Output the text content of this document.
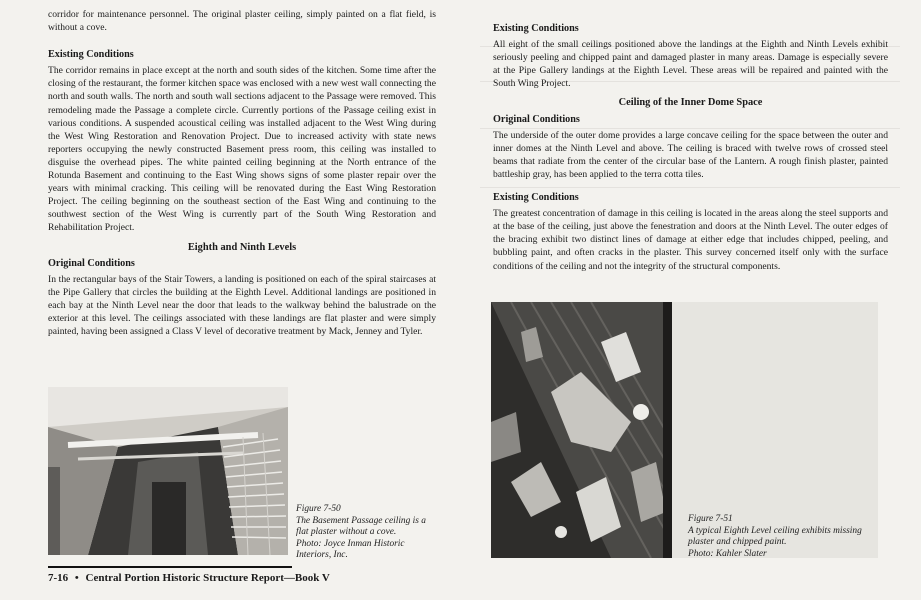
corridor for maintenance personnel. The original plaster ceiling, simply painted on a flat field, is without a cove.

Existing Conditions

The corridor remains in place except at the north and south sides of the kitchen. Some time after the closing of the restaurant, the former kitchen space was enclosed with a new west wall connecting the north and south walls. The north and south wall sections adjacent to the Passage were removed. This remodeling made the Passage a complete circle. Currently portions of the Passage ceiling exist in various conditions. A suspended acoustical ceiling was installed adjacent to the West Wing during the West Wing Restoration and Renovation Project. Due to increased activity with state news reporters occupying the newly constructed Basement press room, this ceiling was installed to disguise the overhead pipes. The white painted ceiling beginning at the North entrance of the Rotunda Basement and continuing to the East Wing shows signs of some plaster repair over the years with minimal cracking. This ceiling will be renovated during the East Wing Restoration Project. The ceiling beginning on the southeast section of the East Wing and continuing to the southwest section of the West Wing is currently part of the South Wing Restoration and Rehabilitation Project.

Eighth and Ninth Levels
Original Conditions

In the rectangular bays of the Stair Towers, a landing is positioned on each of the spiral staircases at the Pipe Gallery that circles the building at the Eighth Level. Additional landings are positioned in each bay at the Ninth Level near the door that leads to the walkway behind the balustrade on the exterior at this level. The ceilings associated with these landings are flat plaster and were simply painted, having been assigned a Class V level of decorative treatment by Mack, Jenney and Tyler.

Existing Conditions

All eight of the small ceilings positioned above the landings at the Eighth and Ninth Levels exhibit seriously peeling and chipped paint and damaged plaster in many areas. Damage is especially severe at the Pipe Gallery landings at the Eighth Level. These areas will be repaired and painted with the South Wing Project.

Ceiling of the Inner Dome Space
Original Conditions

The underside of the outer dome provides a large concave ceiling for the space between the outer and inner domes at the Ninth Level and above. The ceiling is braced with twelve rows of crossed steel beams that radiate from the center of the circular base of the Lantern. A rough finish plaster, painted battleship gray, has been applied to the terra cotta tiles.

Existing Conditions

The greatest concentration of damage in this ceiling is located in the areas along the steel supports and at the base of the ceiling, just above the fenestration and doors at the Ninth Level. The outer edges of the bracing exhibit two distinct lines of damage at either edge that includes chipped, peeling, and bubbling paint, and often cracks in the plaster. This survey concerned itself only with the surface conditions of the ceiling and not the integrity of the structural components.

Figure 7-50
The Basement Passage ceiling is a flat plaster without a cove.
Photo: Joyce Inman Historic Interiors, Inc.
Figure 7-51
A typical Eighth Level ceiling exhibits missing plaster and chipped paint.
Photo: Kahler Slater
7-16 • Central Portion Historic Structure Report—Book V
